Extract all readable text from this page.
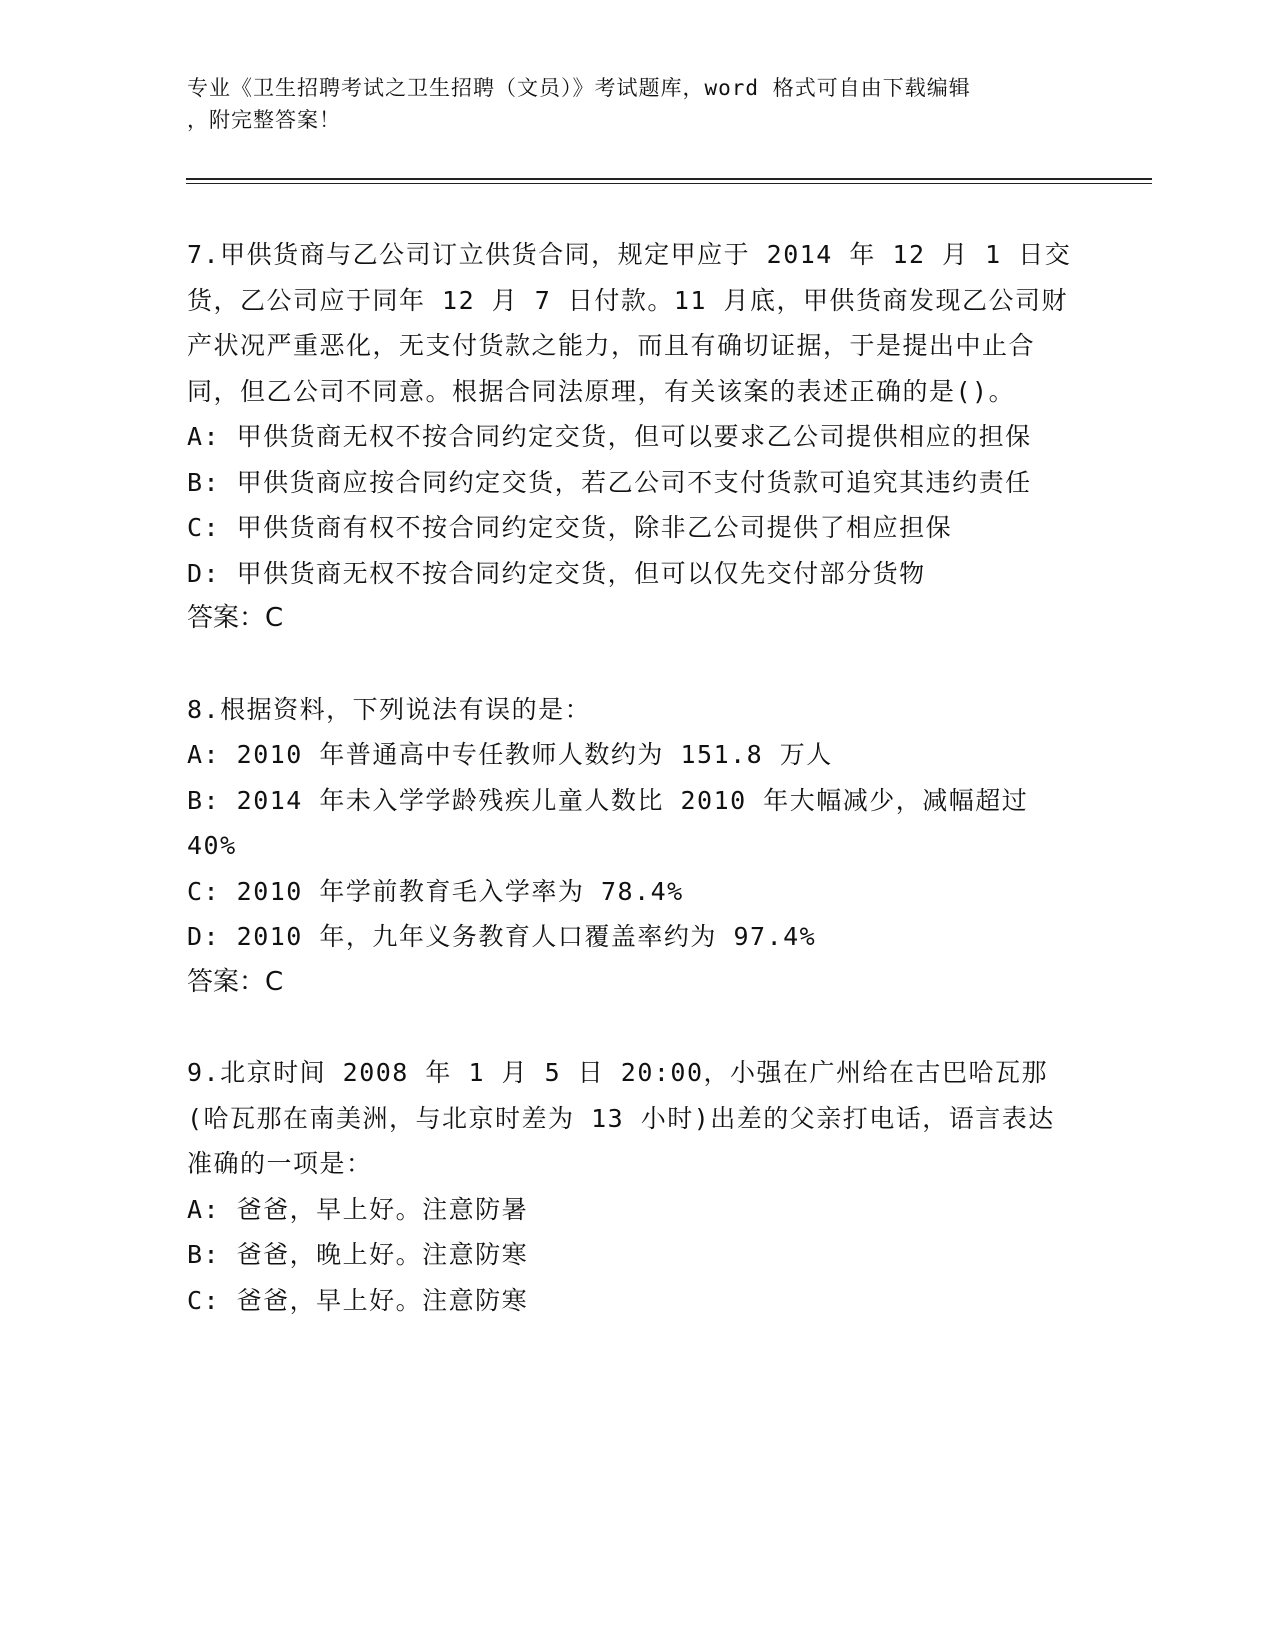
专业《卫生招聘考试之卫生招聘（文员）》考试题库，word 格式可自由下载编辑
，附完整答案！
7.甲供货商与乙公司订立供货合同，规定甲应于 2014 年 12 月 1 日交货，乙公司应于同年 12 月 7 日付款。11 月底，甲供货商发现乙公司财产状况严重恶化，无支付货款之能力，而且有确切证据，于是提出中止合同，但乙公司不同意。根据合同法原理，有关该案的表述正确的是()。
A: 甲供货商无权不按合同约定交货，但可以要求乙公司提供相应的担保
B: 甲供货商应按合同约定交货，若乙公司不支付货款可追究其违约责任
C: 甲供货商有权不按合同约定交货，除非乙公司提供了相应担保
D: 甲供货商无权不按合同约定交货，但可以仅先交付部分货物
答案：C
8.根据资料，下列说法有误的是：
A: 2010 年普通高中专任教师人数约为 151.8 万人
B: 2014 年未入学学龄残疾儿童人数比 2010 年大幅减少，减幅超过 40%
C: 2010 年学前教育毛入学率为 78.4%
D: 2010 年，九年义务教育人口覆盖率约为 97.4%
答案：C
9.北京时间 2008 年 1 月 5 日 20:00，小强在广州给在古巴哈瓦那(哈瓦那在南美洲，与北京时差为 13 小时)出差的父亲打电话，语言表达准确的一项是：
A: 爸爸，早上好。注意防暑
B: 爸爸，晚上好。注意防寒
C: 爸爸，早上好。注意防寒
